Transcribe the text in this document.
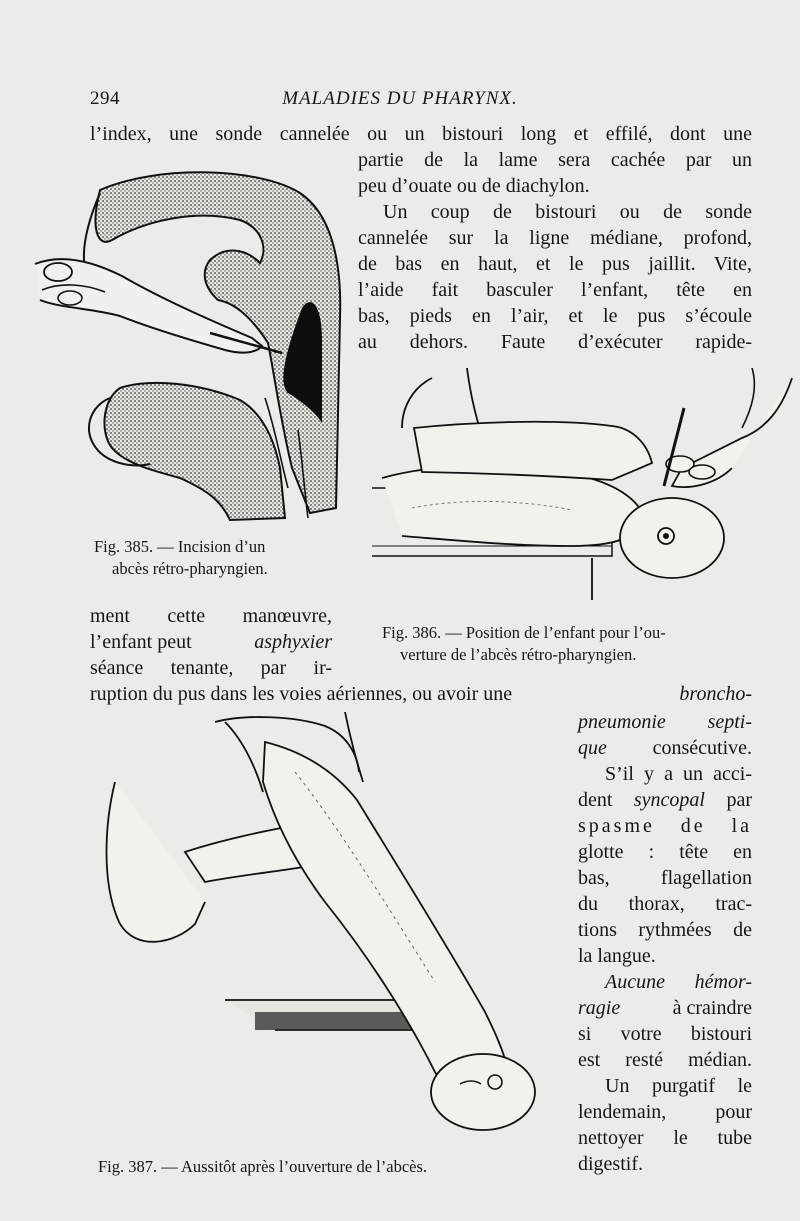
294	MALADIES DU PHARYNX.
l’index, une sonde cannelée ou un bistouri long et effilé, dont une
partie de la lame sera cachée par un
peu d’ouate ou de diachylon.
Un coup de bistouri ou de sonde
cannelée sur la ligne médiane, profond,
de bas en haut, et le pus jaillit. Vite,
l’aide fait basculer l’enfant, tête en
bas, pieds en l’air, et le pus s’écoule
au dehors. Faute d’exécuter rapide-
Fig. 385. — Incision d’un
abcès rétro-pharyngien.
Fig. 386. — Position de l’enfant pour l’ou-
verture de l’abcès rétro-pharyngien.
ment cette manœuvre,
l’enfant peut	asphyxier
séance tenante, par ir-
ruption du pus dans les voies aériennes, ou avoir une	broncho-
Fig. 387. — Aussitôt après l’ouverture de l’abcès.
pneumonie septi-
que consécutive.
S’il y a un acci-
dent syncopal par
spasme de la
glotte : tête en
bas, flagellation
du thorax, trac-
tions rythmées de
la langue.
Aucune hémor-
ragie	à craindre
si votre bistouri
est resté médian.
Un purgatif le
lendemain, pour
nettoyer le tube
digestif.
